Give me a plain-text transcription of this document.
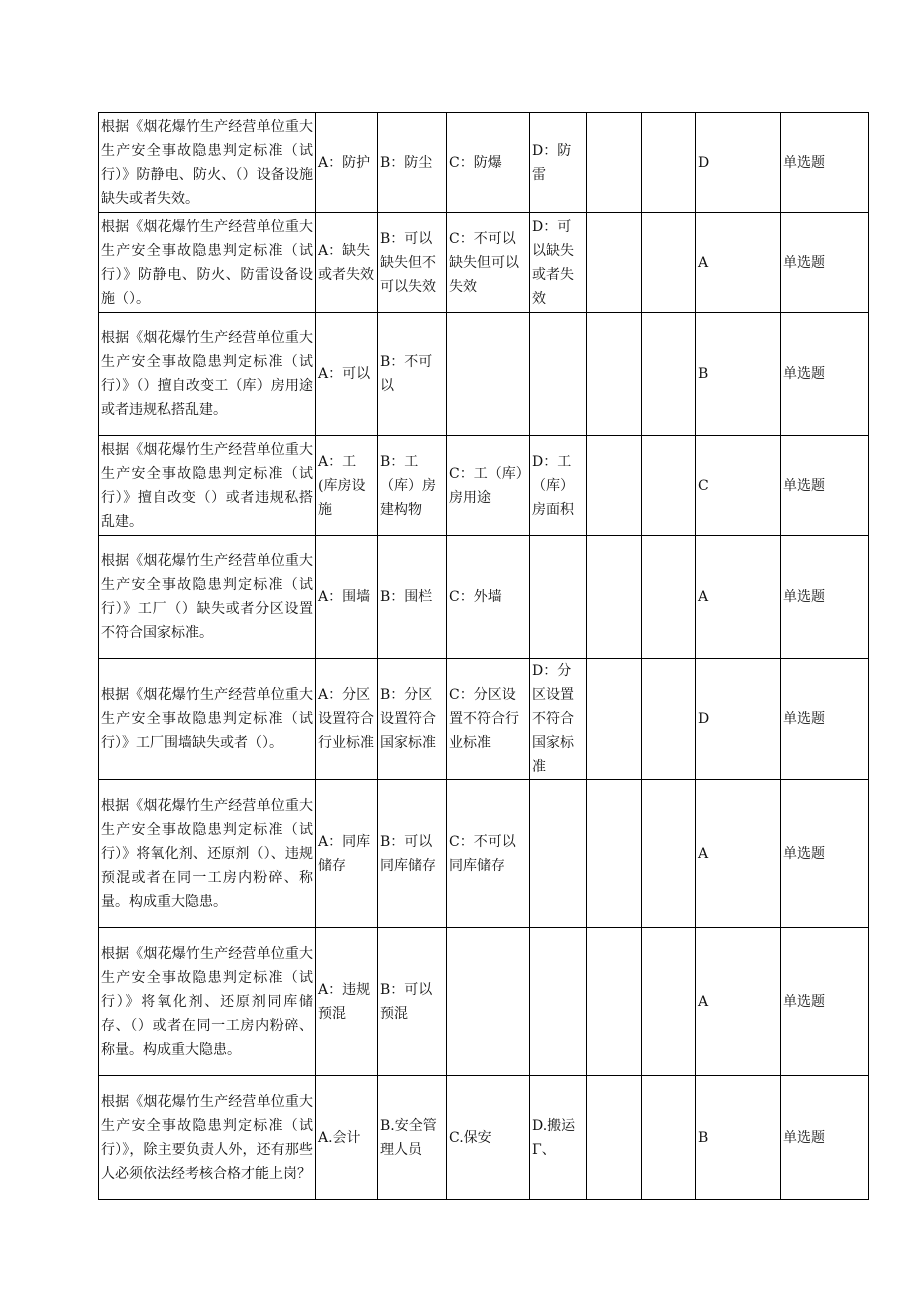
根据《烟花爆竹生产经营单位重大生产安全事故隐患判定标准（试行）》防静电、防火、（）设备设施缺失或者失效。	A：防护	B：防尘	C：防爆	D：防雷			D	单选题
根据《烟花爆竹生产经营单位重大生产安全事故隐患判定标准（试行）》防静电、防火、防雷设备设施（）。	A：缺失或者失效	B：可以缺失但不可以失效	C：不可以缺失但可以失效	D：可以缺失或者失效			A	单选题
根据《烟花爆竹生产经营单位重大生产安全事故隐患判定标准（试行）》（）擅自改变工（库）房用途或者违规私搭乱建。	A：可以	B：不可以					B	单选题
根据《烟花爆竹生产经营单位重大生产安全事故隐患判定标准（试行）》擅自改变（）或者违规私搭乱建。	A：工(库房设施	B：工（库）房建构物	C：工（库）房用途	D：工（库）房面积			C	单选题
根据《烟花爆竹生产经营单位重大生产安全事故隐患判定标准（试行）》工厂（）缺失或者分区设置不符合国家标准。	A：围墙	B：围栏	C：外墙				A	单选题
根据《烟花爆竹生产经营单位重大生产安全事故隐患判定标准（试行）》工厂围墙缺失或者（）。	A：分区设置符合行业标准	B：分区设置符合国家标准	C：分区设置不符合行业标准	D：分区设置不符合国家标准			D	单选题
根据《烟花爆竹生产经营单位重大生产安全事故隐患判定标准（试行）》将氧化剂、还原剂（）、违规预混或者在同一工房内粉碎、称量。构成重大隐患。	A：同库储存	B：可以同库储存	C：不可以同库储存				A	单选题
根据《烟花爆竹生产经营单位重大生产安全事故隐患判定标准（试行）》将氧化剂、还原剂同库储存、（）或者在同一工房内粉碎、称量。构成重大隐患。	A：违规预混	B：可以预混					A	单选题
根据《烟花爆竹生产经营单位重大生产安全事故隐患判定标准（试行）》，除主要负责人外，还有那些人必须依法经考核合格才能上岗？	A.会计	B.安全管理人员	C.保安	D.搬运Γ、			B	单选题
